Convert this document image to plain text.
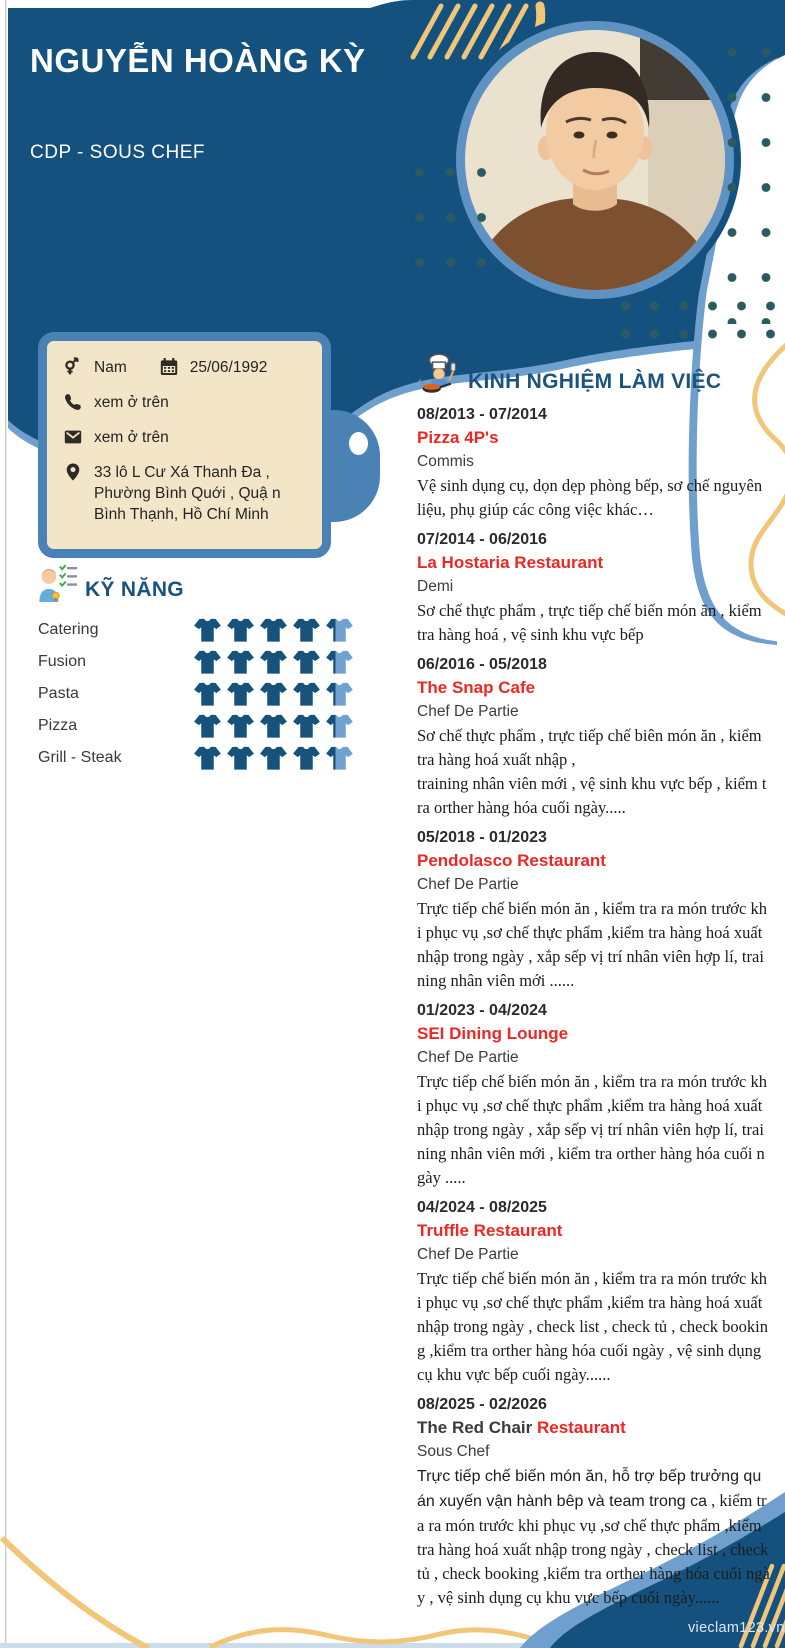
NGUYỄN HOÀNG KỲ
CDP - SOUS CHEF
Nam	25/06/1992
xem ở trên
xem ở trên
33 lô L Cư Xá Thanh Đa , Phường Bình Quới , Quậ n Bình Thạnh, Hồ Chí Minh
KỸ NĂNG
Catering
Fusion
Pasta
Pizza
Grill - Steak
KINH NGHIỆM LÀM VIỆC
08/2013 - 07/2014
Pizza 4P's
Commis
Vệ sinh dụng cụ, dọn dẹp phòng bếp, sơ chế nguyên liệu, phụ giúp các công việc khác…
07/2014 - 06/2016
La Hostaria Restaurant
Demi
Sơ chế thực phẩm , trực tiếp chế biến món ăn , kiểm tra hàng hoá , vệ sinh khu vực bếp
06/2016 - 05/2018
The Snap Cafe
Chef De Partie
Sơ chế thực phẩm , trực tiếp chế biên món ăn , kiểm tra hàng hoá xuất nhập ,
training nhân viên mới , vệ sinh khu vực bếp , kiểm tra orther hàng hóa cuối ngày.....
05/2018 - 01/2023
Pendolasco Restaurant
Chef De Partie
Trực tiếp chế biến món ăn , kiểm tra ra món trước khi phục vụ ,sơ chế thực phẩm ,kiểm tra hàng hoá xuất nhập trong ngày , xắp sếp vị trí nhân viên hợp lí, training nhân viên mới ......
01/2023 - 04/2024
SEI Dining Lounge
Chef De Partie
Trực tiếp chế biến món ăn , kiểm tra ra món trước khi phục vụ ,sơ chế thực phẩm ,kiểm tra hàng hoá xuất nhập trong ngày , xắp sếp vị trí nhân viên hợp lí, training nhân viên mới , kiểm tra orther hàng hóa cuối ngày .....
04/2024 - 08/2025
Truffle Restaurant
Chef De Partie
Trực tiếp chế biến món ăn , kiểm tra ra món trước khi phục vụ ,sơ chế thực phẩm ,kiểm tra hàng hoá xuất nhập trong ngày , check list , check tủ , check booking ,kiểm tra orther hàng hóa cuối ngày , vệ sinh dụng cụ khu vực bếp cuối ngày......
08/2025 - 02/2026
The Red Chair Restaurant
Sous Chef
Trực tiếp chế biến món ăn, hỗ trợ bếp trưởng quán xuyến vận hành bêp và team trong ca , kiểm tra ra món trước khi phục vụ ,sơ chế thực phẩm ,kiểm tra hàng hoá xuất nhập trong ngày , check list , check tủ , check booking ,kiểm tra orther hàng hóa cuối ngày , vệ sinh dụng cụ khu vực bếp cuối ngày......
vieclam123.vn
